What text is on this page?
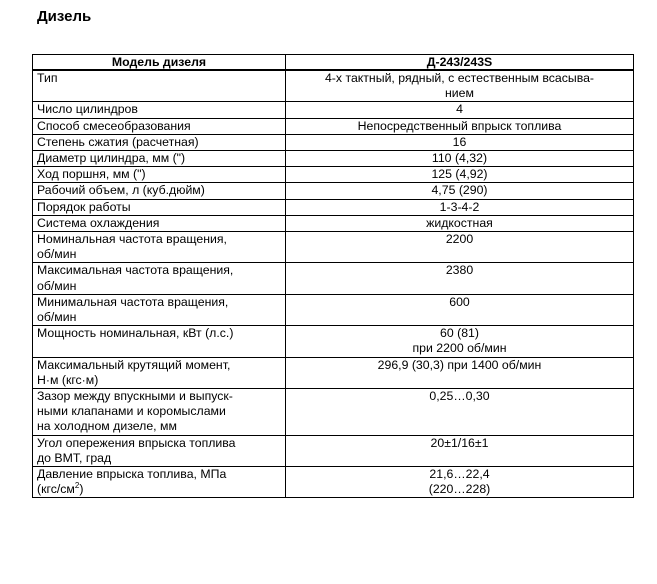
Дизель
Модель дизеля	Д-243/243S
Тип	4-х тактный, рядный, с естественным всасыва-
нием
Число цилиндров	4
Способ смесеобразования	Непосредственный впрыск топлива
Степень сжатия (расчетная)	16
Диаметр цилиндра, мм (")	110 (4,32)
Ход поршня, мм (")	125 (4,92)
Рабочий объем, л (куб.дюйм)	4,75 (290)
Порядок работы	1-3-4-2
Система охлаждения	жидкостная
Номинальная частота вращения,
об/мин	2200
Максимальная частота вращения,
об/мин	2380
Минимальная частота вращения,
об/мин	600
Мощность номинальная, кВт (л.с.)	60 (81)
при 2200 об/мин
Максимальный крутящий момент,
Н·м (кгс·м)	296,9 (30,3) при 1400 об/мин
Зазор между впускными и выпуск-
ными клапанами и коромыслами
на холодном дизеле, мм	0,25…0,30
Угол опережения впрыска топлива
до ВМТ, град	20±1/16±1
Давление впрыска топлива, МПа
$(кгс/см^2)$	21,6…22,4
(220…228)
